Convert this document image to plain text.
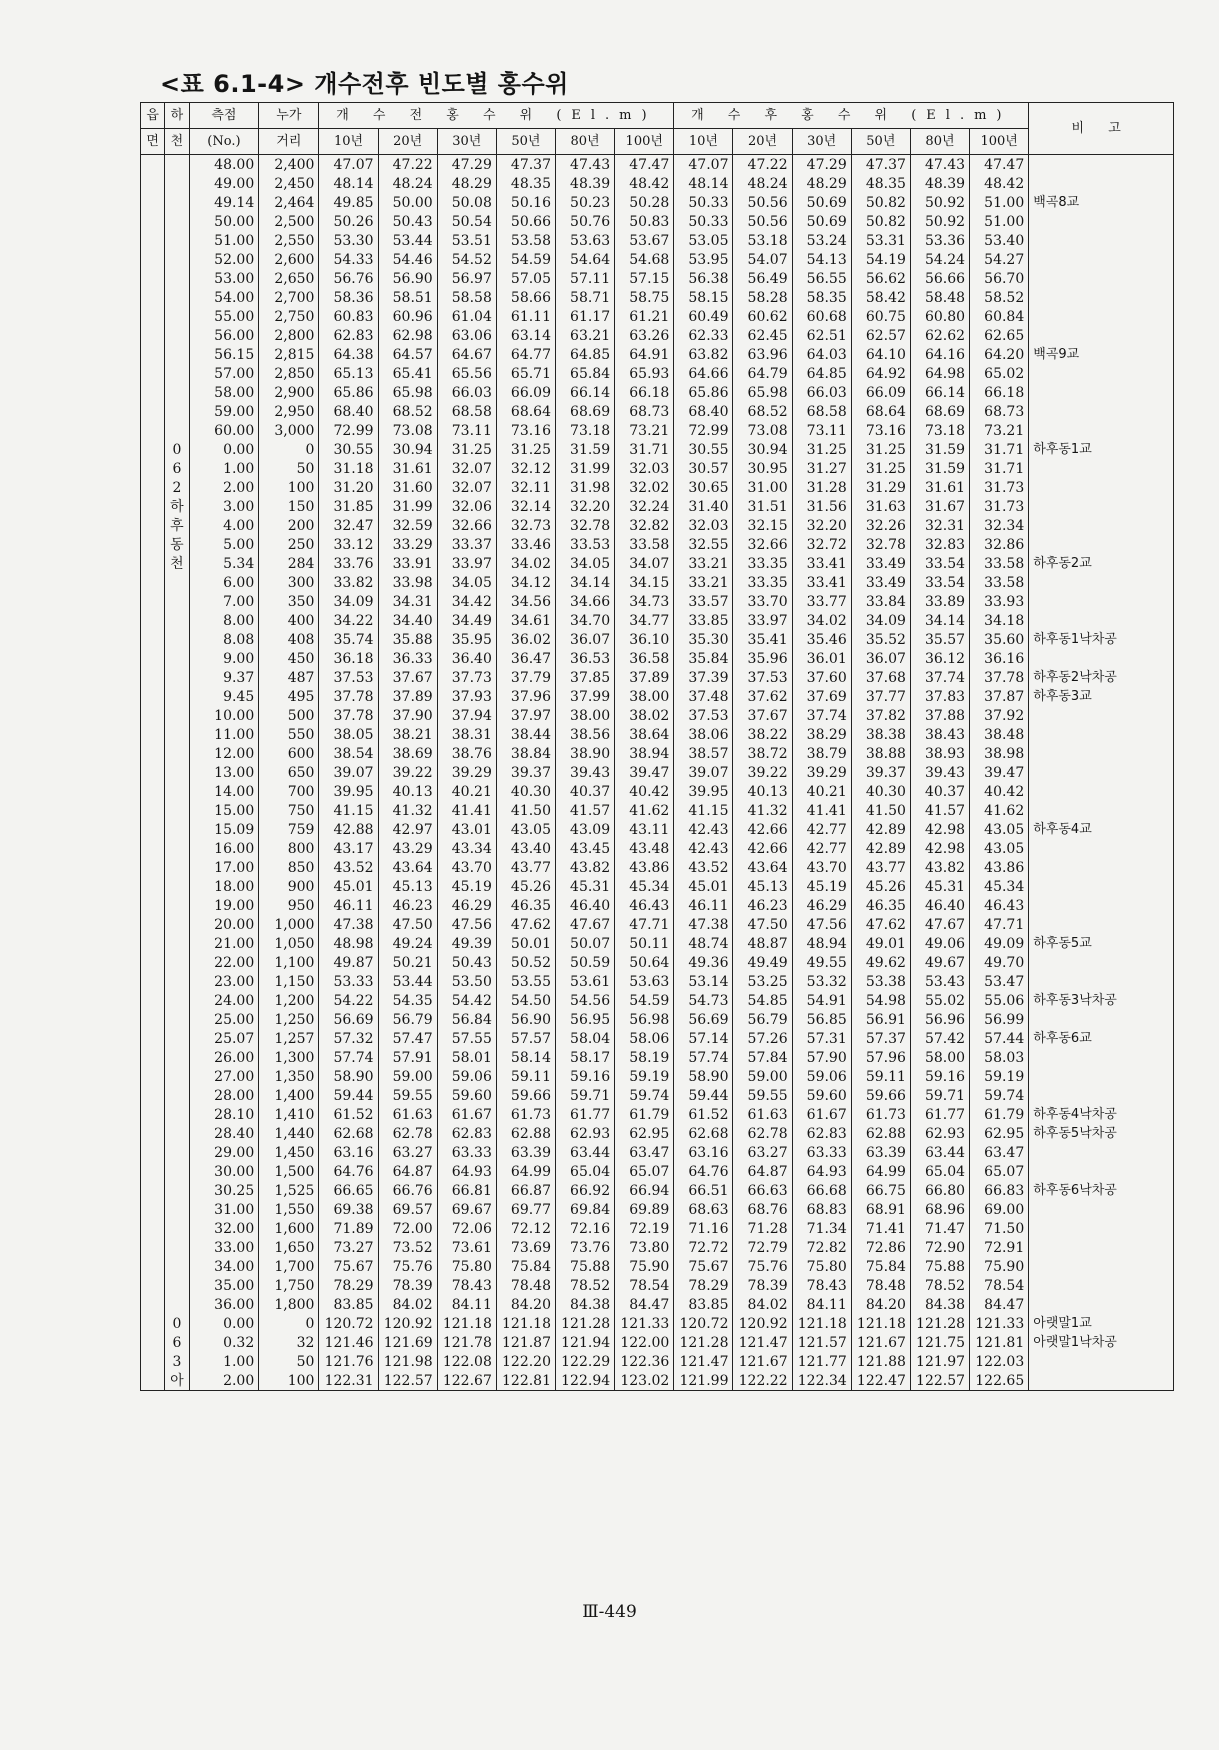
<표 6.1-4> 개수전후 빈도별 홍수위
읍	하	측점	누가	개 수 전 홍 수 위 (El.m)						개 수 후 홍 수 위 (El.m)						비 고
면	천	(No.)	거리	10년	20년	30년	50년	80년	100년	10년	20년	30년	50년	80년	100년	
		48.00	2,400	47.07	47.22	47.29	47.37	47.43	47.47	47.07	47.22	47.29	47.37	47.43	47.47	
		49.00	2,450	48.14	48.24	48.29	48.35	48.39	48.42	48.14	48.24	48.29	48.35	48.39	48.42	
		49.14	2,464	49.85	50.00	50.08	50.16	50.23	50.28	50.33	50.56	50.69	50.82	50.92	51.00	백곡8교
		50.00	2,500	50.26	50.43	50.54	50.66	50.76	50.83	50.33	50.56	50.69	50.82	50.92	51.00	
		51.00	2,550	53.30	53.44	53.51	53.58	53.63	53.67	53.05	53.18	53.24	53.31	53.36	53.40	
		52.00	2,600	54.33	54.46	54.52	54.59	54.64	54.68	53.95	54.07	54.13	54.19	54.24	54.27	
		53.00	2,650	56.76	56.90	56.97	57.05	57.11	57.15	56.38	56.49	56.55	56.62	56.66	56.70	
		54.00	2,700	58.36	58.51	58.58	58.66	58.71	58.75	58.15	58.28	58.35	58.42	58.48	58.52	
		55.00	2,750	60.83	60.96	61.04	61.11	61.17	61.21	60.49	60.62	60.68	60.75	60.80	60.84	
		56.00	2,800	62.83	62.98	63.06	63.14	63.21	63.26	62.33	62.45	62.51	62.57	62.62	62.65	
		56.15	2,815	64.38	64.57	64.67	64.77	64.85	64.91	63.82	63.96	64.03	64.10	64.16	64.20	백곡9교
		57.00	2,850	65.13	65.41	65.56	65.71	65.84	65.93	64.66	64.79	64.85	64.92	64.98	65.02	
		58.00	2,900	65.86	65.98	66.03	66.09	66.14	66.18	65.86	65.98	66.03	66.09	66.14	66.18	
		59.00	2,950	68.40	68.52	68.58	68.64	68.69	68.73	68.40	68.52	68.58	68.64	68.69	68.73	
		60.00	3,000	72.99	73.08	73.11	73.16	73.18	73.21	72.99	73.08	73.11	73.16	73.18	73.21	
	0	0.00	0	30.55	30.94	31.25	31.25	31.59	31.71	30.55	30.94	31.25	31.25	31.59	31.71	하후동1교
	6	1.00	50	31.18	31.61	32.07	32.12	31.99	32.03	30.57	30.95	31.27	31.25	31.59	31.71	
	2	2.00	100	31.20	31.60	32.07	32.11	31.98	32.02	30.65	31.00	31.28	31.29	31.61	31.73	
	하	3.00	150	31.85	31.99	32.06	32.14	32.20	32.24	31.40	31.51	31.56	31.63	31.67	31.73	
	후	4.00	200	32.47	32.59	32.66	32.73	32.78	32.82	32.03	32.15	32.20	32.26	32.31	32.34	
	동	5.00	250	33.12	33.29	33.37	33.46	33.53	33.58	32.55	32.66	32.72	32.78	32.83	32.86	
	천	5.34	284	33.76	33.91	33.97	34.02	34.05	34.07	33.21	33.35	33.41	33.49	33.54	33.58	하후동2교
		6.00	300	33.82	33.98	34.05	34.12	34.14	34.15	33.21	33.35	33.41	33.49	33.54	33.58	
		7.00	350	34.09	34.31	34.42	34.56	34.66	34.73	33.57	33.70	33.77	33.84	33.89	33.93	
		8.00	400	34.22	34.40	34.49	34.61	34.70	34.77	33.85	33.97	34.02	34.09	34.14	34.18	
		8.08	408	35.74	35.88	35.95	36.02	36.07	36.10	35.30	35.41	35.46	35.52	35.57	35.60	하후동1낙차공
		9.00	450	36.18	36.33	36.40	36.47	36.53	36.58	35.84	35.96	36.01	36.07	36.12	36.16	
		9.37	487	37.53	37.67	37.73	37.79	37.85	37.89	37.39	37.53	37.60	37.68	37.74	37.78	하후동2낙차공
		9.45	495	37.78	37.89	37.93	37.96	37.99	38.00	37.48	37.62	37.69	37.77	37.83	37.87	하후동3교
		10.00	500	37.78	37.90	37.94	37.97	38.00	38.02	37.53	37.67	37.74	37.82	37.88	37.92	
		11.00	550	38.05	38.21	38.31	38.44	38.56	38.64	38.06	38.22	38.29	38.38	38.43	38.48	
		12.00	600	38.54	38.69	38.76	38.84	38.90	38.94	38.57	38.72	38.79	38.88	38.93	38.98	
		13.00	650	39.07	39.22	39.29	39.37	39.43	39.47	39.07	39.22	39.29	39.37	39.43	39.47	
		14.00	700	39.95	40.13	40.21	40.30	40.37	40.42	39.95	40.13	40.21	40.30	40.37	40.42	
		15.00	750	41.15	41.32	41.41	41.50	41.57	41.62	41.15	41.32	41.41	41.50	41.57	41.62	
		15.09	759	42.88	42.97	43.01	43.05	43.09	43.11	42.43	42.66	42.77	42.89	42.98	43.05	하후동4교
		16.00	800	43.17	43.29	43.34	43.40	43.45	43.48	42.43	42.66	42.77	42.89	42.98	43.05	
		17.00	850	43.52	43.64	43.70	43.77	43.82	43.86	43.52	43.64	43.70	43.77	43.82	43.86	
		18.00	900	45.01	45.13	45.19	45.26	45.31	45.34	45.01	45.13	45.19	45.26	45.31	45.34	
		19.00	950	46.11	46.23	46.29	46.35	46.40	46.43	46.11	46.23	46.29	46.35	46.40	46.43	
		20.00	1,000	47.38	47.50	47.56	47.62	47.67	47.71	47.38	47.50	47.56	47.62	47.67	47.71	
		21.00	1,050	48.98	49.24	49.39	50.01	50.07	50.11	48.74	48.87	48.94	49.01	49.06	49.09	하후동5교
		22.00	1,100	49.87	50.21	50.43	50.52	50.59	50.64	49.36	49.49	49.55	49.62	49.67	49.70	
		23.00	1,150	53.33	53.44	53.50	53.55	53.61	53.63	53.14	53.25	53.32	53.38	53.43	53.47	
		24.00	1,200	54.22	54.35	54.42	54.50	54.56	54.59	54.73	54.85	54.91	54.98	55.02	55.06	하후동3낙차공
		25.00	1,250	56.69	56.79	56.84	56.90	56.95	56.98	56.69	56.79	56.85	56.91	56.96	56.99	
		25.07	1,257	57.32	57.47	57.55	57.57	58.04	58.06	57.14	57.26	57.31	57.37	57.42	57.44	하후동6교
		26.00	1,300	57.74	57.91	58.01	58.14	58.17	58.19	57.74	57.84	57.90	57.96	58.00	58.03	
		27.00	1,350	58.90	59.00	59.06	59.11	59.16	59.19	58.90	59.00	59.06	59.11	59.16	59.19	
		28.00	1,400	59.44	59.55	59.60	59.66	59.71	59.74	59.44	59.55	59.60	59.66	59.71	59.74	
		28.10	1,410	61.52	61.63	61.67	61.73	61.77	61.79	61.52	61.63	61.67	61.73	61.77	61.79	하후동4낙차공
		28.40	1,440	62.68	62.78	62.83	62.88	62.93	62.95	62.68	62.78	62.83	62.88	62.93	62.95	하후동5낙차공
		29.00	1,450	63.16	63.27	63.33	63.39	63.44	63.47	63.16	63.27	63.33	63.39	63.44	63.47	
		30.00	1,500	64.76	64.87	64.93	64.99	65.04	65.07	64.76	64.87	64.93	64.99	65.04	65.07	
		30.25	1,525	66.65	66.76	66.81	66.87	66.92	66.94	66.51	66.63	66.68	66.75	66.80	66.83	하후동6낙차공
		31.00	1,550	69.38	69.57	69.67	69.77	69.84	69.89	68.63	68.76	68.83	68.91	68.96	69.00	
		32.00	1,600	71.89	72.00	72.06	72.12	72.16	72.19	71.16	71.28	71.34	71.41	71.47	71.50	
		33.00	1,650	73.27	73.52	73.61	73.69	73.76	73.80	72.72	72.79	72.82	72.86	72.90	72.91	
		34.00	1,700	75.67	75.76	75.80	75.84	75.88	75.90	75.67	75.76	75.80	75.84	75.88	75.90	
		35.00	1,750	78.29	78.39	78.43	78.48	78.52	78.54	78.29	78.39	78.43	78.48	78.52	78.54	
		36.00	1,800	83.85	84.02	84.11	84.20	84.38	84.47	83.85	84.02	84.11	84.20	84.38	84.47	
	0	0.00	0	120.72	120.92	121.18	121.18	121.28	121.33	120.72	120.92	121.18	121.18	121.28	121.33	아랫말1교
	6	0.32	32	121.46	121.69	121.78	121.87	121.94	122.00	121.28	121.47	121.57	121.67	121.75	121.81	아랫말1낙차공
	3	1.00	50	121.76	121.98	122.08	122.20	122.29	122.36	121.47	121.67	121.77	121.88	121.97	122.03	
	아	2.00	100	122.31	122.57	122.67	122.81	122.94	123.02	121.99	122.22	122.34	122.47	122.57	122.65	
Ⅲ-449
